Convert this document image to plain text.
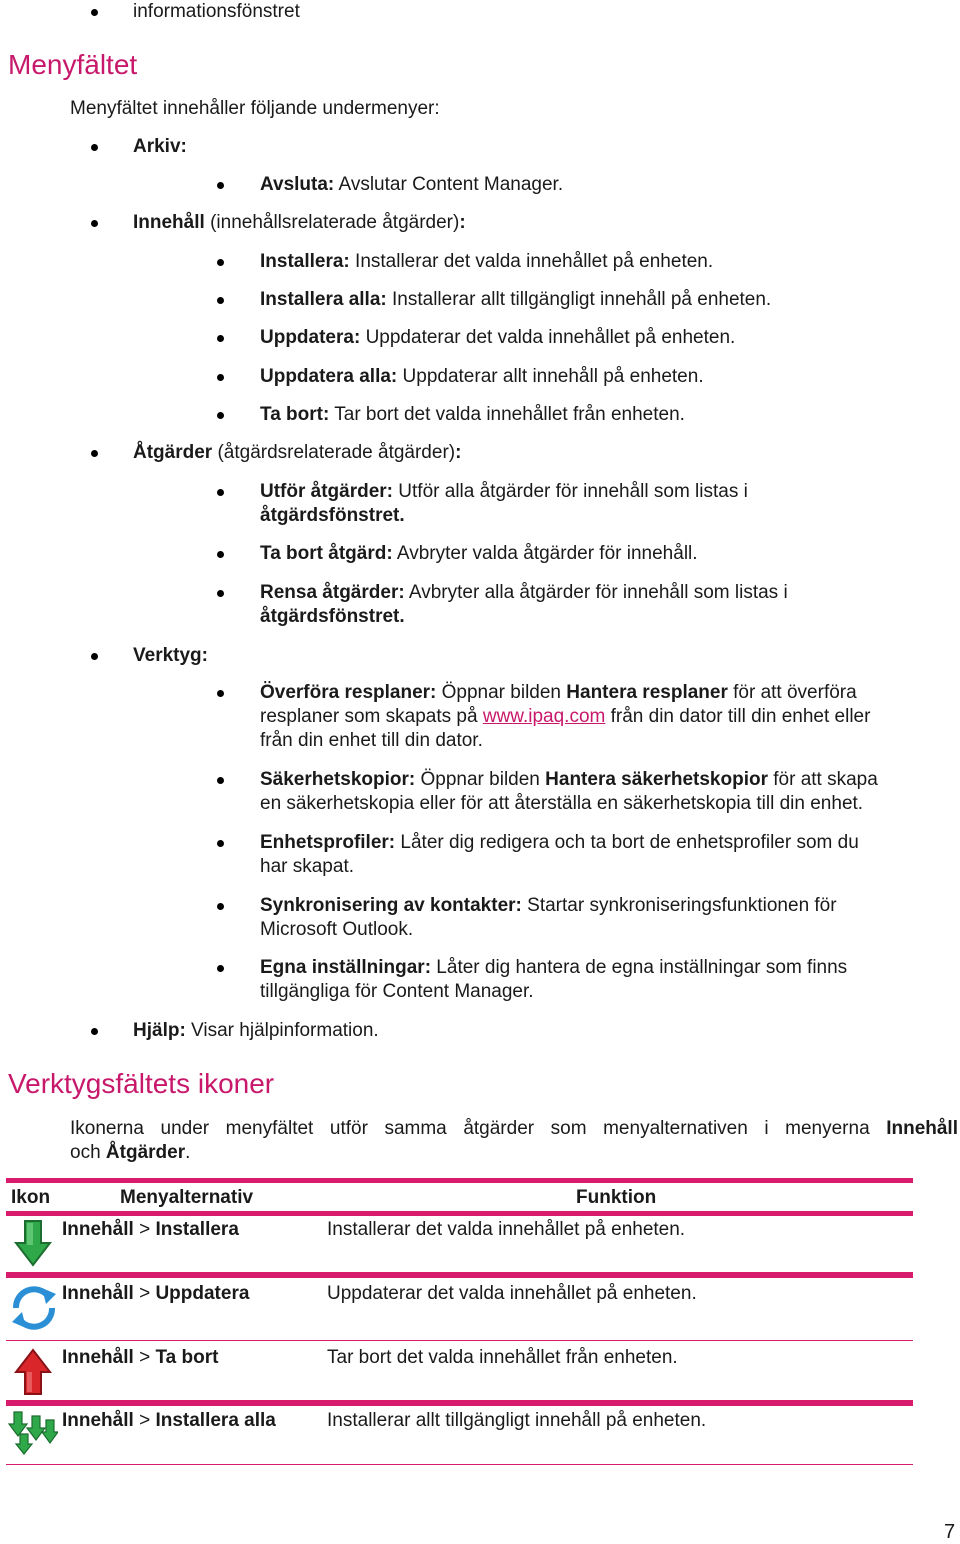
informationsfönstret
Menyfältet
Menyfältet innehåller följande undermenyer:
Arkiv:
Avsluta: Avslutar Content Manager.
Innehåll (innehållsrelaterade åtgärder):
Installera: Installerar det valda innehållet på enheten.
Installera alla: Installerar allt tillgängligt innehåll på enheten.
Uppdatera: Uppdaterar det valda innehållet på enheten.
Uppdatera alla: Uppdaterar allt innehåll på enheten.
Ta bort: Tar bort det valda innehållet från enheten.
Åtgärder (åtgärdsrelaterade åtgärder):
Utför åtgärder: Utför alla åtgärder för innehåll som listas i
åtgärdsfönstret.
Ta bort åtgärd: Avbryter valda åtgärder för innehåll.
Rensa åtgärder: Avbryter alla åtgärder för innehåll som listas i
åtgärdsfönstret.
Verktyg:
Överföra resplaner: Öppnar bilden Hantera resplaner för att överföra
resplaner som skapats på www.ipaq.com från din dator till din enhet eller
från din enhet till din dator.
Säkerhetskopior: Öppnar bilden Hantera säkerhetskopior för att skapa
en säkerhetskopia eller för att återställa en säkerhetskopia till din enhet.
Enhetsprofiler: Låter dig redigera och ta bort de enhetsprofiler som du
har skapat.
Synkronisering av kontakter: Startar synkroniseringsfunktionen för
Microsoft Outlook.
Egna inställningar: Låter dig hantera de egna inställningar som finns
tillgängliga för Content Manager.
Hjälp: Visar hjälpinformation.
Verktygsfältets ikoner
Ikonerna under menyfältet utför samma åtgärder som menyalternativen i menyerna Innehåll
och Åtgärder.
Ikon	Menyalternativ	Funktion
Innehåll > Installera	Installerar det valda innehållet på enheten.
Innehåll > Uppdatera	Uppdaterar det valda innehållet på enheten.
Innehåll > Ta bort	Tar bort det valda innehållet från enheten.
Innehåll > Installera alla	Installerar allt tillgängligt innehåll på enheten.
7
